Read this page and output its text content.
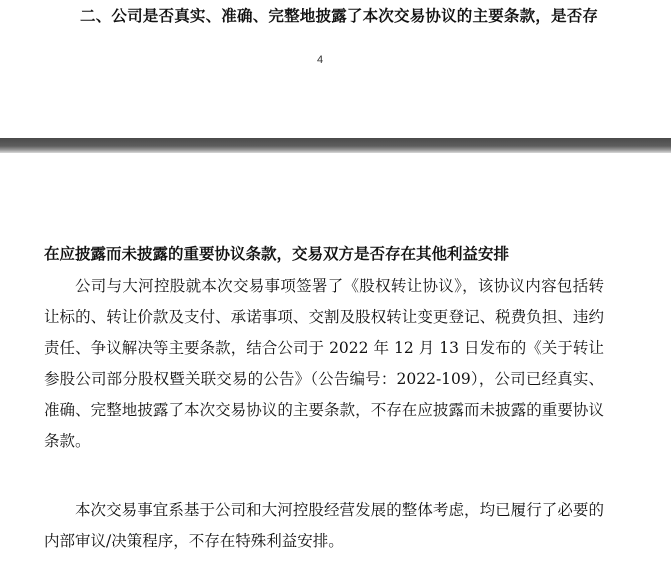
二、公司是否真实、准确、完整地披露了本次交易协议的主要条款，是否存
4
在应披露而未披露的重要协议条款，交易双方是否存在其他利益安排

公司与大河控股就本次交易事项签署了《股权转让协议》，该协议内容包括转让标的、转让价款及支付、承诺事项、交割及股权转让变更登记、税费负担、违约责任、争议解决等主要条款，结合公司于 2022 年 12 月 13 日发布的《关于转让参股公司部分股权暨关联交易的公告》（公告编号：2022-109），公司已经真实、准确、完整地披露了本次交易协议的主要条款，不存在应披露而未披露的重要协议条款。

本次交易事宜系基于公司和大河控股经营发展的整体考虑，均已履行了必要的内部审议/决策程序，不存在特殊利益安排。
